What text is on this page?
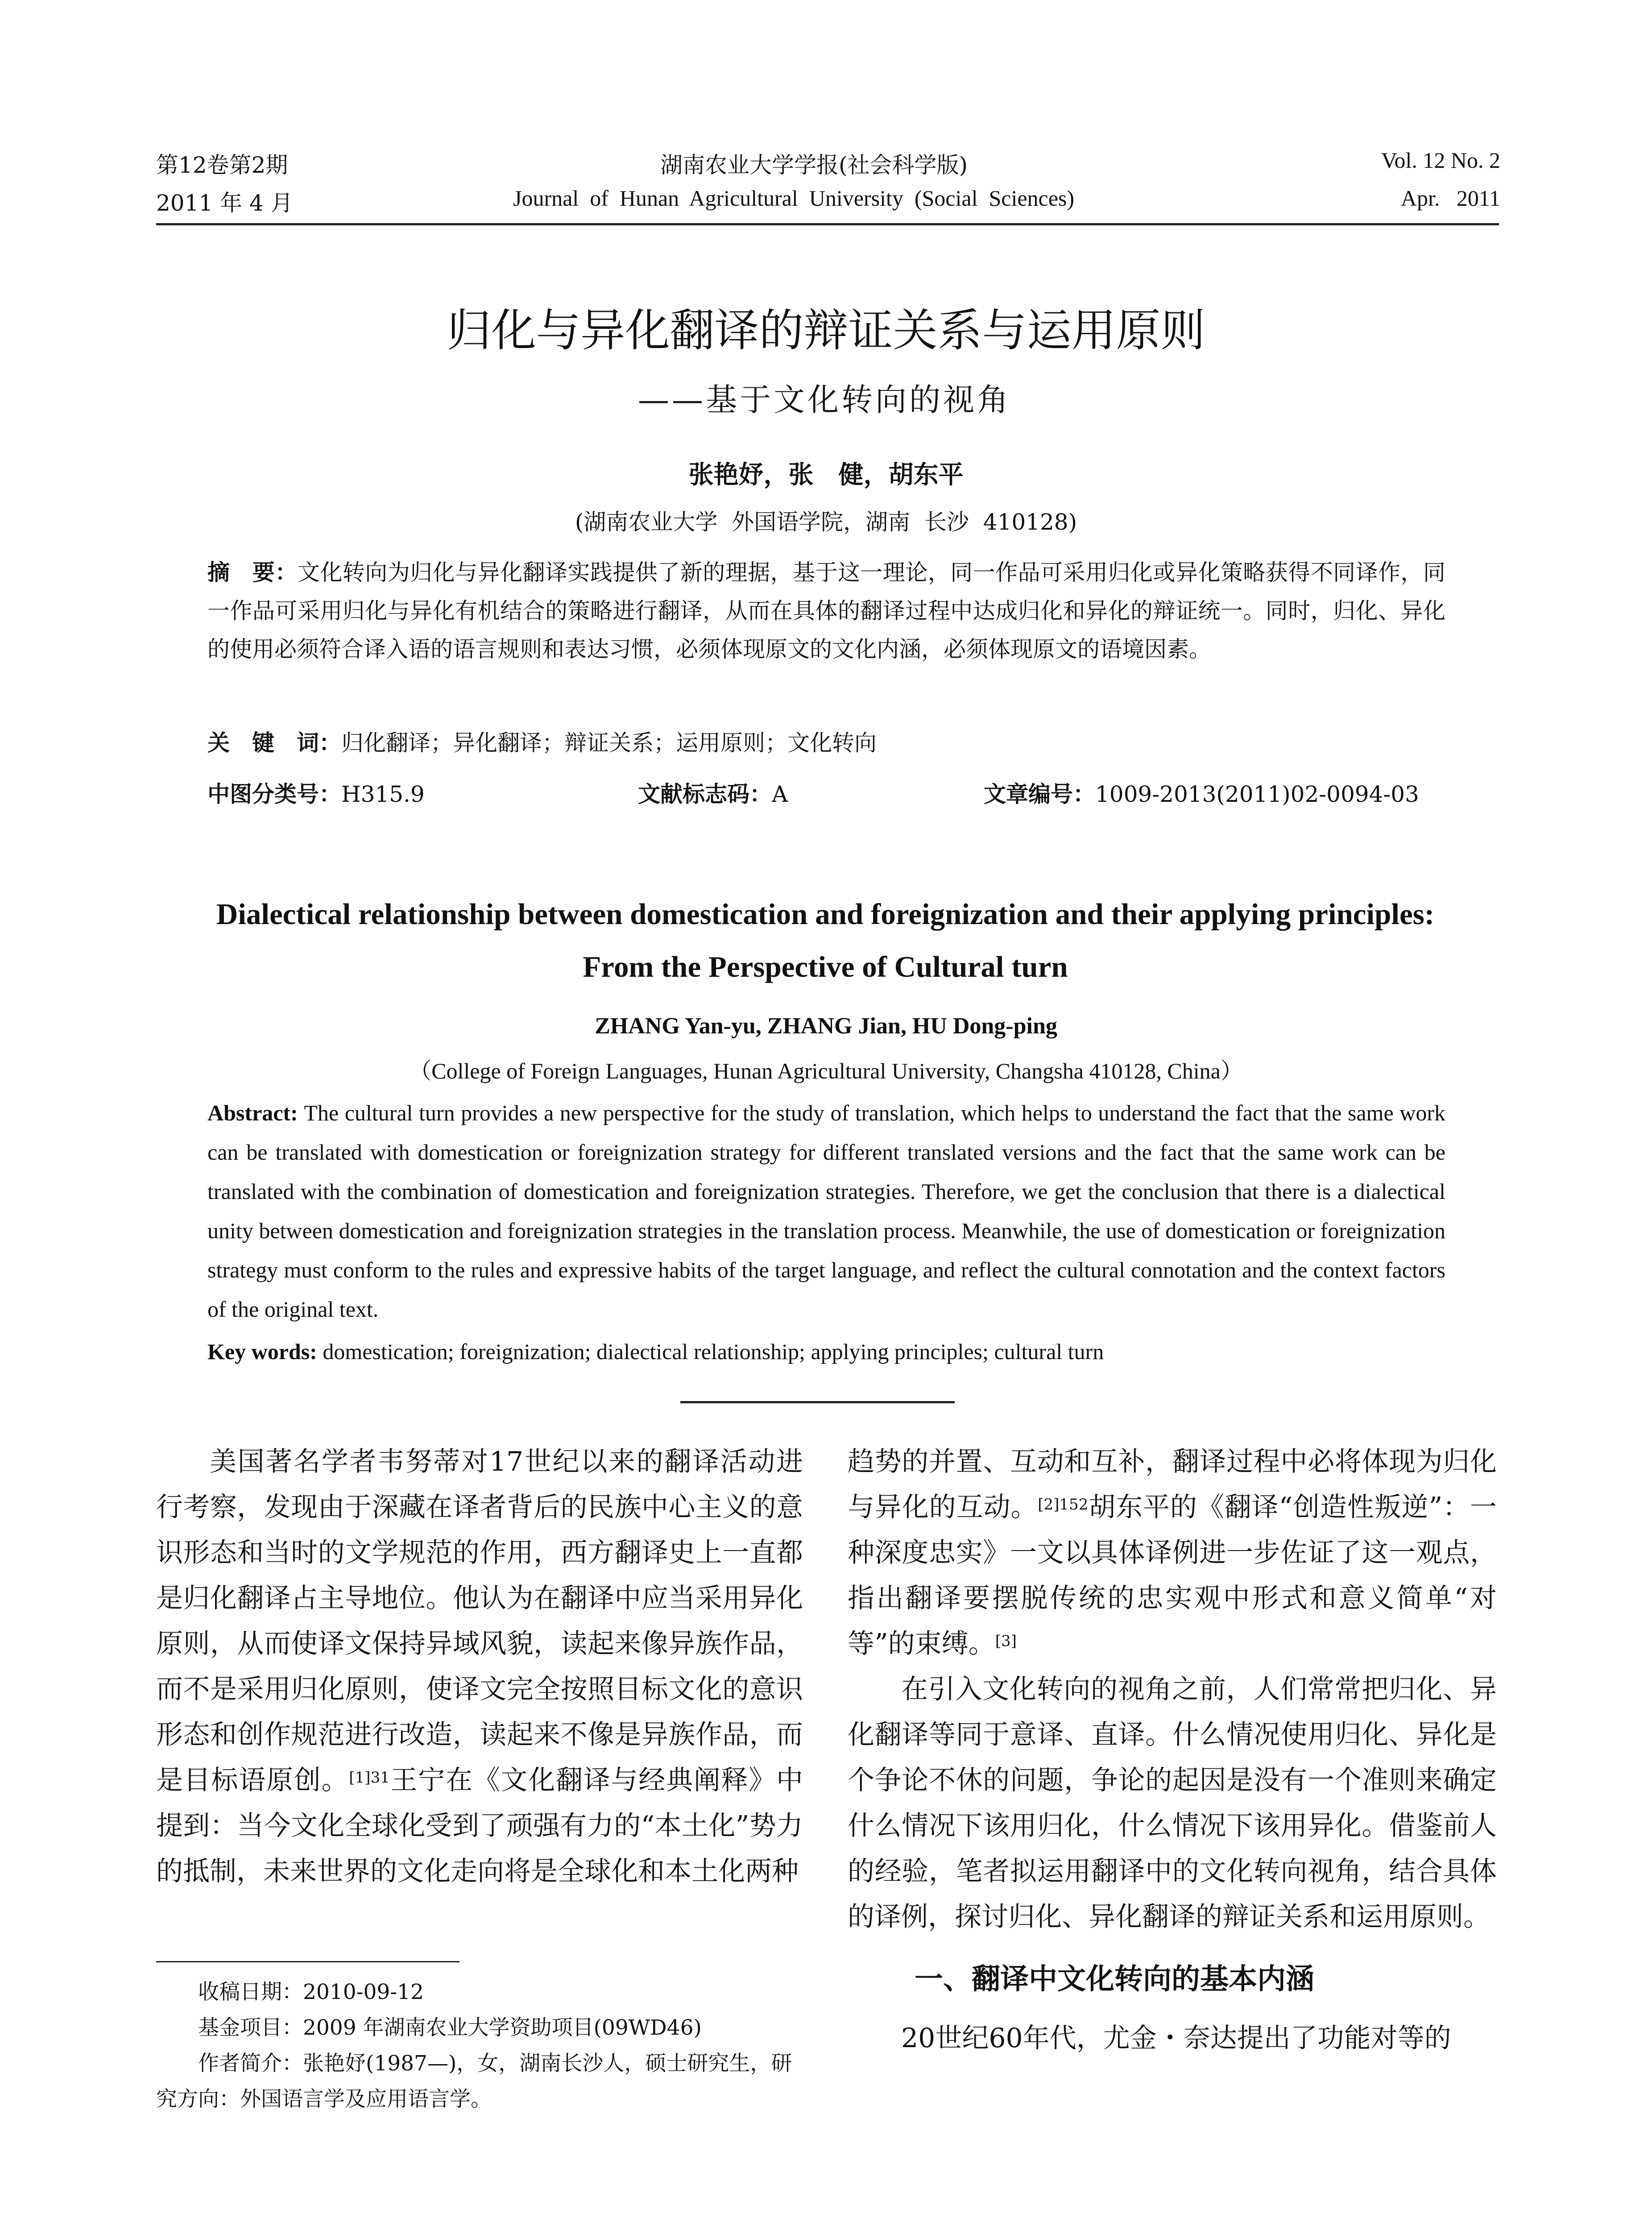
第12卷第2期
2011 年 4 月
湖南农业大学学报(社会科学版)
Journal  of  Hunan  Agricultural  University  (Social  Sciences)
Vol. 12 No. 2
Apr.   2011
归化与异化翻译的辩证关系与运用原则
——基于文化转向的视角
张艳妤，张　健，胡东平
(湖南农业大学  外国语学院，湖南  长沙  410128)
摘　要：文化转向为归化与异化翻译实践提供了新的理据，基于这一理论，同一作品可采用归化或异化策略获得不同译作，同一作品可采用归化与异化有机结合的策略进行翻译，从而在具体的翻译过程中达成归化和异化的辩证统一。同时，归化、异化的使用必须符合译入语的语言规则和表达习惯，必须体现原文的文化内涵，必须体现原文的语境因素。
关　键　词：归化翻译；异化翻译；辩证关系；运用原则；文化转向
中图分类号：H315.9	文献标志码：A	文章编号：1009-2013(2011)02-0094-03
Dialectical relationship between domestication and foreignization and their applying principles: From the Perspective of Cultural turn
ZHANG Yan-yu, ZHANG Jian, HU Dong-ping
（College of Foreign Languages, Hunan Agricultural University, Changsha 410128, China）
Abstract: The cultural turn provides a new perspective for the study of translation, which helps to understand the fact that the same work can be translated with domestication or foreignization strategy for different translated versions and the fact that the same work can be translated with the combination of domestication and foreignization strategies. Therefore, we get the conclusion that there is a dialectical unity between domestication and foreignization strategies in the translation process. Meanwhile, the use of domestication or foreignization strategy must conform to the rules and expressive habits of the target language, and reflect the cultural connotation and the context factors of the original text.
Key words: domestication; foreignization; dialectical relationship; applying principles; cultural turn

美国著名学者韦努蒂对17世纪以来的翻译活动进行考察，发现由于深藏在译者背后的民族中心主义的意识形态和当时的文学规范的作用，西方翻译史上一直都是归化翻译占主导地位。他认为在翻译中应当采用异化原则，从而使译文保持异域风貌，读起来像异族作品，而不是采用归化原则，使译文完全按照目标文化的意识形态和创作规范进行改造，读起来不像是异族作品，而是目标语原创。$^{[1]31}$王宁在《文化翻译与经典阐释》中提到：当今文化全球化受到了顽强有力的“本土化”势力的抵制，未来世界的文化走向将是全球化和本土化两种

收稿日期：2010-09-12

基金项目：2009 年湖南农业大学资助项目(09WD46)

作者简介：张艳妤(1987—)，女，湖南长沙人，硕士研究生，研究方向：外国语言学及应用语言学。

趋势的并置、互动和互补，翻译过程中必将体现为归化与异化的互动。$^{[2]152}$胡东平的《翻译“创造性叛逆”：一种深度忠实》一文以具体译例进一步佐证了这一观点，指出翻译要摆脱传统的忠实观中形式和意义简单“对等”的束缚。[3]

在引入文化转向的视角之前，人们常常把归化、异化翻译等同于意译、直译。什么情况使用归化、异化是个争论不休的问题，争论的起因是没有一个准则来确定什么情况下该用归化，什么情况下该用异化。借鉴前人的经验，笔者拟运用翻译中的文化转向视角，结合具体的译例，探讨归化、异化翻译的辩证关系和运用原则。

一、翻译中文化转向的基本内涵

20世纪60年代，尤金・奈达提出了功能对等的
